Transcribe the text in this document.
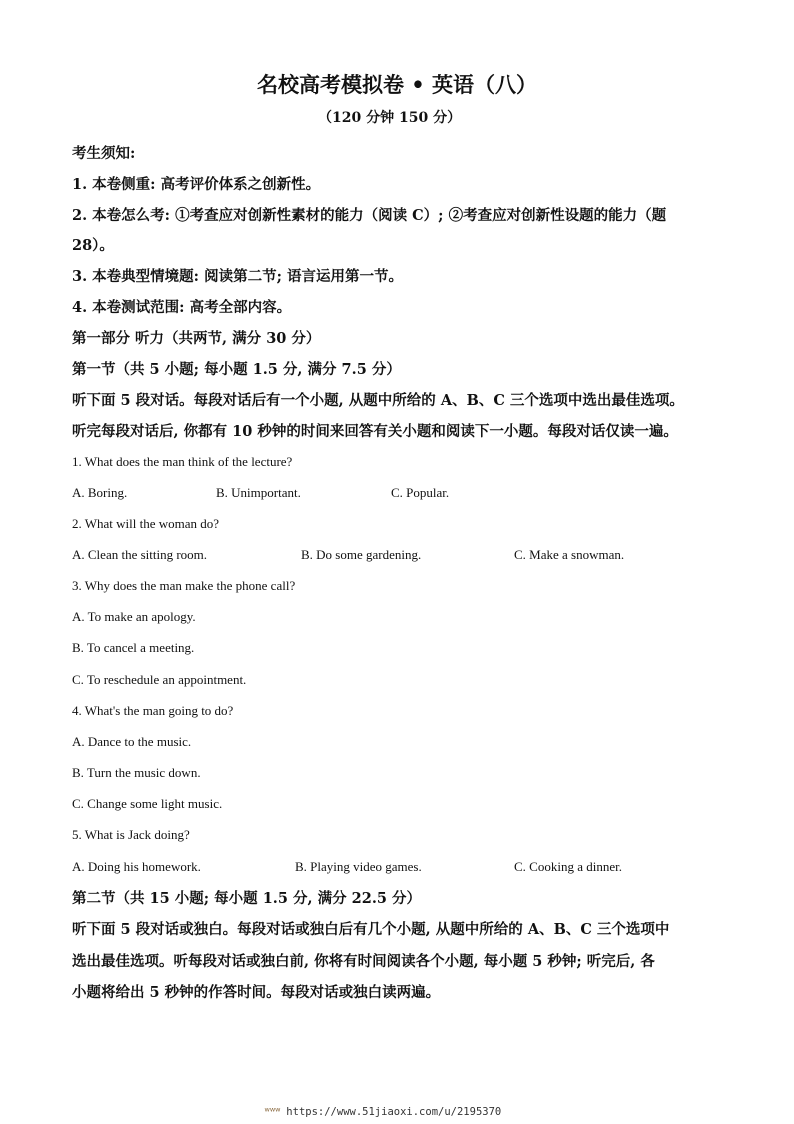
名校高考模拟卷 • 英语（八）
（120 分钟 150 分）
考生须知:
1. 本卷侧重: 高考评价体系之创新性。
2. 本卷怎么考: ①考查应对创新性素材的能力（阅读 C）; ②考查应对创新性设题的能力（题
28）。
3. 本卷典型情境题: 阅读第二节; 语言运用第一节。
4. 本卷测试范围: 高考全部内容。
第一部分 听力（共两节, 满分 30 分）
第一节（共 5 小题; 每小题 1.5 分, 满分 7.5 分）
听下面 5 段对话。每段对话后有一个小题, 从题中所给的 A、B、C 三个选项中选出最佳选项。
听完每段对话后, 你都有 10 秒钟的时间来回答有关小题和阅读下一小题。每段对话仅读一遍。
1. What does the man think of the lecture?
A. Boring.	B. Unimportant.	C. Popular.
2. What will the woman do?
A. Clean the sitting room.	B. Do some gardening.	C. Make a snowman.
3. Why does the man make the phone call?
A. To make an apology.
B. To cancel a meeting.
C. To reschedule an appointment.
4. What's the man going to do?
A. Dance to the music.
B. Turn the music down.
C. Change some light music.
5. What is Jack doing?
A. Doing his homework.	B. Playing video games.	C. Cooking a dinner.
第二节（共 15 小题; 每小题 1.5 分, 满分 22.5 分）
听下面 5 段对话或独白。每段对话或独白后有几个小题, 从题中所给的 A、B、C 三个选项中
选出最佳选项。听每段对话或独白前, 你将有时间阅读各个小题, 每小题 5 秒钟; 听完后, 各
小题将给出 5 秒钟的作答时间。每段对话或独白读两遍。
ʷʷʷ https://www.51jiaoxi.com/u/2195370
